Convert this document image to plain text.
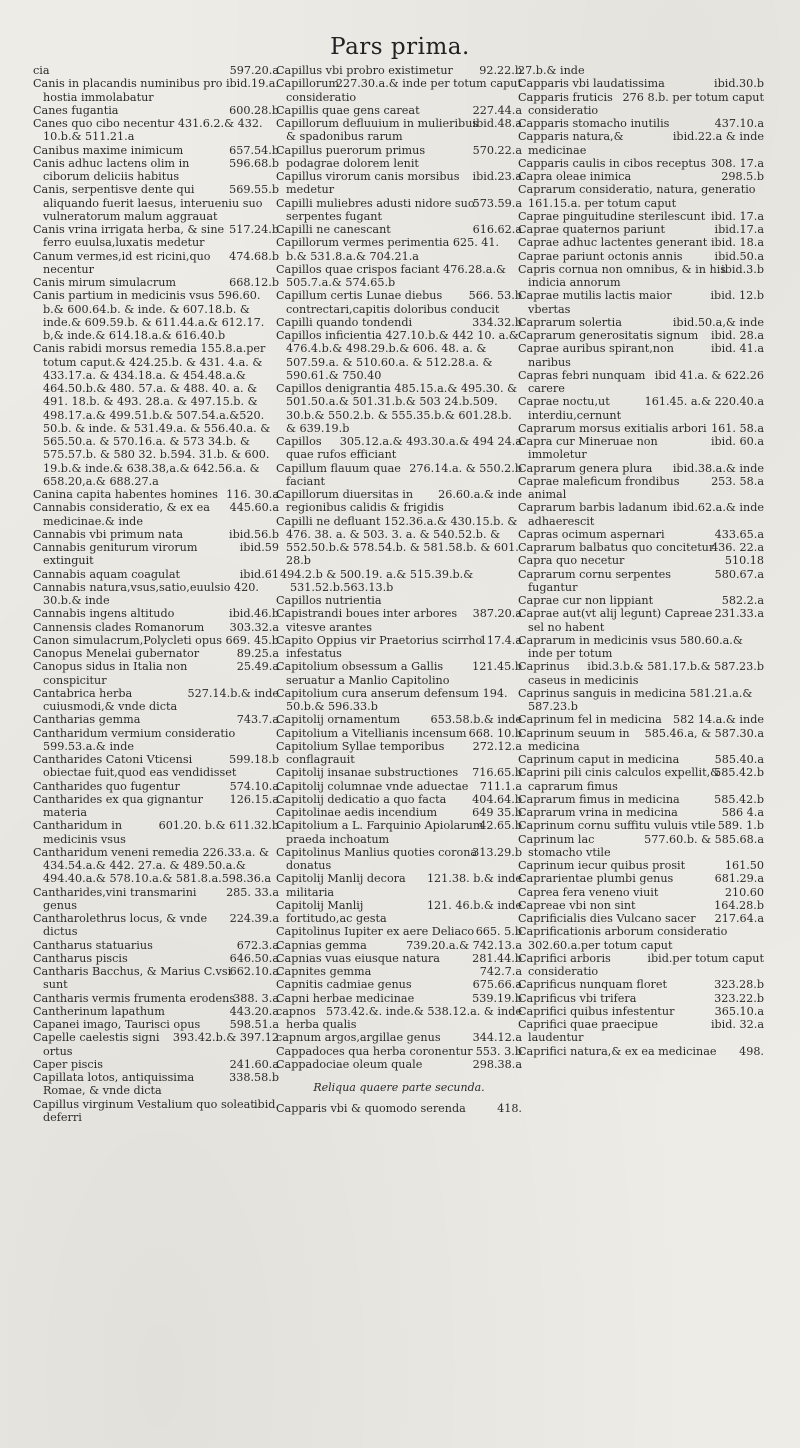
Pars prima.

597.20.a
cia

ibid.19.a.
Canis in placandis numinibus pro hostia immolabatur

600.28.b
Canes fugantia

Canes quo cibo necentur 431.6.2.& 432. 10.b.& 511.21.a

657.54.b
Canibus maxime inimicum

596.68.b
Canis adhuc lactens olim in ciborum deliciis habitus

569.55.b
Canis, serpentisve dente qui aliquando fuerit laesus, interueniu suo vulneratorum malum aggrauat

517.24.b
Canis vrina irrigata herba, & sine ferro euulsa,luxatis medetur

474.68.b
Canum vermes,id est ricini,quo necentur

668.12.b
Canis mirum simulacrum

Canis partium in medicinis vsus 596.60. b.& 600.64.b. & inde. & 607.18.b. & inde.& 609.59.b. & 611.44.a.& 612.17. b,& inde.& 614.18.a.& 616.40.b

Canis rabidi morsus remedia 155.8.a.per totum caput.& 424.25.b. & 431. 4.a. & 433.17.a. & 434.18.a. & 454.48.a.& 464.50.b.& 480. 57.a. & 488. 40. a. & 491. 18.b. & 493. 28.a. & 497.15.b. & 498.17.a.& 499.51.b.& 507.54.a.&520. 50.b. & inde. & 531.49.a. & 556.40.a. & 565.50.a. & 570.16.a. & 573 34.b. & 575.57.b. & 580 32. b.594. 31.b. & 600. 19.b.& inde.& 638.38,a.& 642.56.a. & 658.20,a.& 688.27.a

116. 30.a
Canina capita habentes homines

445.60.a
Cannabis consideratio, & ex ea medicinae.& inde

ibid.56.b
Cannabis vbi primum nata

ibid.59
Cannabis geniturum virorum extinguit

ibid.61
Cannabis aquam coagulat

Cannabis natura,vsus,satio,euulsio 420. 30.b.& inde

ibid.46.b
Cannabis ingens altitudo

303.32.a
Cannensis clades Romanorum

Canon simulacrum,Polycleti opus 669. 45.b

89.25.a
Canopus Menelai gubernator

25.49.a
Canopus sidus in Italia non conspicitur

527.14.b.& inde
Cantabrica herba cuiusmodi,& vnde dicta

743.7.a
Cantharias gemma

Cantharidum vermium consideratio 599.53.a.& inde

599.18.b
Cantharides Catoni Vticensi obiectae fuit,quod eas vendidisset

574.10.a
Cantharides quo fugentur

126.15.a
Cantharides ex qua gignantur materia

601.20. b.& 611.32.b
Cantharidum in medicinis vsus

Cantharidum veneni remedia 226.33.a. & 434.54.a.& 442. 27.a. & 489.50.a.& 494.40.a.& 578.10.a.& 581.8.a.598.36.a

285. 33.a
Cantharides,vini transmarini genus

224.39.a
Cantharolethrus locus, & vnde dictus

672.3.a
Cantharus statuarius

646.50.a
Cantharus piscis

662.10.a
Cantharis Bacchus, & Marius C.vsi sunt

388. 3.a
Cantharis vermis frumenta erodens

443.20.a
Cantherinum lapathum

598.51.a
Capanei imago, Taurisci opus

393.42.b.& 397.12
Capelle caelestis signi ortus

241.60.a
Caper piscis

338.58.b
Capillata lotos, antiquissima Romae, & vnde dicta

ibid.
Capillus virginum Vestalium quo soleat deferri

92.22.b
Capillus vbi probro existimetur

227.30.a.& inde per totum caput
Capillorum consideratio

227.44.a
Capillis quae gens careat

ibid.48.a
Capillorum defluuium in mulieribus & spadonibus rarum

570.22.a
Capillus puerorum primus podagrae dolorem lenit

ibid.23.a
Capillus virorum canis morsibus medetur

573.59.a
Capilli muliebres adusti nidore suo serpentes fugant

616.62.a
Capilli ne canescant

Capillorum vermes perimentia 625. 41. b.& 531.8.a.& 704.21.a

Capillos quae crispos faciant 476.28.a.& 505.7.a.& 574.65.b

566. 53.b
Capillum certis Lunae diebus contrectari,capitis doloribus conducit

334.32.b
Capilli quando tondendi

Capillos inficientia 427.10.b.& 442 10. a.& 476.4.b.& 498.29.b.& 606. 48. a. & 507.59.a. & 510.60.a. & 512.28.a. & 590.61.& 750.40

Capillos denigrantia 485.15.a.& 495.30. & 501.50.a.& 501.31.b.& 503 24.b.509. 30.b.& 550.2.b. & 555.35.b.& 601.28.b. & 639.19.b

305.12.a.& 493.30.a.& 494 24.a
Capillos quae rufos efficiant

276.14.a. & 550.2.b
Capillum flauum quae faciant

26.60.a.& inde
Capillorum diuersitas in regionibus calidis & frigidis

Capilli ne defluant 152.36.a.& 430.15.b. & 476. 38. a. & 503. 3. a. & 540.52.b. & 552.50.b.& 578.54.b. & 581.58.b. & 601. 28.b

494.2.b & 500.19. a.& 515.39.b.& 531.52.b.563.13.b
Capillos nutrientia

387.20.a
Capistrandi boues inter arbores vitesve arantes

117.4.a
Capito Oppius vir Praetorius scirrho infestatus

121.45.b
Capitolium obsessum a Gallis seruatur a Manlio Capitolino

Capitolium cura anserum defensum 194. 50.b.& 596.33.b

653.58.b.& inde
Capitolij ornamentum

668. 10.b
Capitolium a Vitellianis incensum

272.12.a
Capitolium Syllae temporibus conflagrauit

716.65.b
Capitolij insanae substructiones

711.1.a
Capitolij columnae vnde aduectae

404.64.b
Capitolij dedicatio a quo facta

649 35.b
Capitolinae aedis incendium

42.65.b
Capitolium a L. Farquinio Apiolarum praeda inchoatum

313.29.b
Capitolinus Manlius quoties corona donatus

121.38. b.& inde
Capitolij Manlij decora militaria

121. 46.b.& inde
Capitolij Manlij fortitudo,ac gesta

665. 5.b
Capitolinus Iupiter ex aere Deliaco

739.20.a.& 742.13.a
Capnias gemma

281.44.b
Capnias vuas eiusque natura

742.7.a
Capnites gemma

675.66.a
Capnitis cadmiae genus

539.19.b
Capni herbae medicinae

573.42.&. inde.& 538.12.a. & inde
capnos herba qualis

344.12.a
capnum argos,argillae genus

553. 3.b
Cappadoces qua herba coronentur

298.38.a
Cappadociae oleum quale

Reliqua quaere parte secunda.

418.
Capparis vbi & quomodo serenda

27.b.& inde

ibid.30.b
Capparis vbi laudatissima

276 8.b. per totum caput
Capparis fruticis consideratio

437.10.a
Capparis stomacho inutilis

ibid.22.a & inde
Capparis natura,& medicinae

308. 17.a
Capparis caulis in cibos receptus

298.5.b
Capra oleae inimica

Caprarum consideratio, natura, generatio 161.15.a. per totum caput

ibid. 17.a
Caprae pinguitudine sterilescunt

ibid.17.a
Caprae quaternos pariunt

ibid. 18.a
Caprae adhuc lactentes generant

ibid.50.a
Caprae pariunt octonis annis

ibid.3.b
Capris cornua non omnibus, & in his indicia annorum

ibid. 12.b
Caprae mutilis lactis maior vbertas

ibid.50.a,& inde
Caprarum solertia

ibid. 28.a
Caprarum generositatis signum

ibid. 41.a
Caprae auribus spirant,non naribus

ibid 41.a. & 622.26
Capras febri nunquam carere

161.45. a.& 220.40.a
Caprae noctu,ut interdiu,cernunt

161. 58.a
Caprarum morsus exitialis arbori

ibid. 60.a
Capra cur Mineruae non immoletur

ibid.38.a.& inde
Caprarum genera plura

253. 58.a
Caprae maleficum frondibus animal

ibid.62.a.& inde
Caprarum barbis ladanum adhaerescit

433.65.a
Capras ocimum aspernari

436. 22.a
Caprarum balbatus quo concitetur

510.18
Capra quo necetur

580.67.a
Caprarum cornu serpentes fugantur

582.2.a
Caprae cur non lippiant

231.33.a
Caprae aut(vt alij legunt) Capreae sel no habent

Caprarum in medicinis vsus 580.60.a.& inde per totum

ibid.3.b.& 581.17.b.& 587.23.b
Caprinus caseus in medicinis

Caprinus sanguis in medicina 581.21.a.& 587.23.b

582 14.a.& inde
Caprinum fel in medicina

585.46.a, & 587.30.a
Caprinum seuum in medicina

585.40.a
Caprinum caput in medicina

585.42.b
Caprini pili cinis calculos expellit,& caprarum fimus

585.42.b
Caprarum fimus in medicina

586 4.a
Caprarum vrina in medicina

589. 1.b
Caprinum cornu suffitu vuluis vtile

577.60.b. & 585.68.a
Caprinum lac stomacho vtile

161.50
Caprinum iecur quibus prosit

681.29.a
Caprarientae plumbi genus

210.60
Caprea fera veneno viuit

164.28.b
Capreae vbi non sint

217.64.a
Caprificialis dies Vulcano sacer

Caprificationis arborum consideratio 302.60.a.per totum caput

ibid.per totum caput
Caprifici arboris consideratio

323.28.b
Caprificus nunquam floret

323.22.b
Caprificus vbi trifera

365.10.a
Caprifici quibus infestentur

ibid. 32.a
Caprifici quae praecipue laudentur

498.
Caprifici natura,& ex ea medicinae
